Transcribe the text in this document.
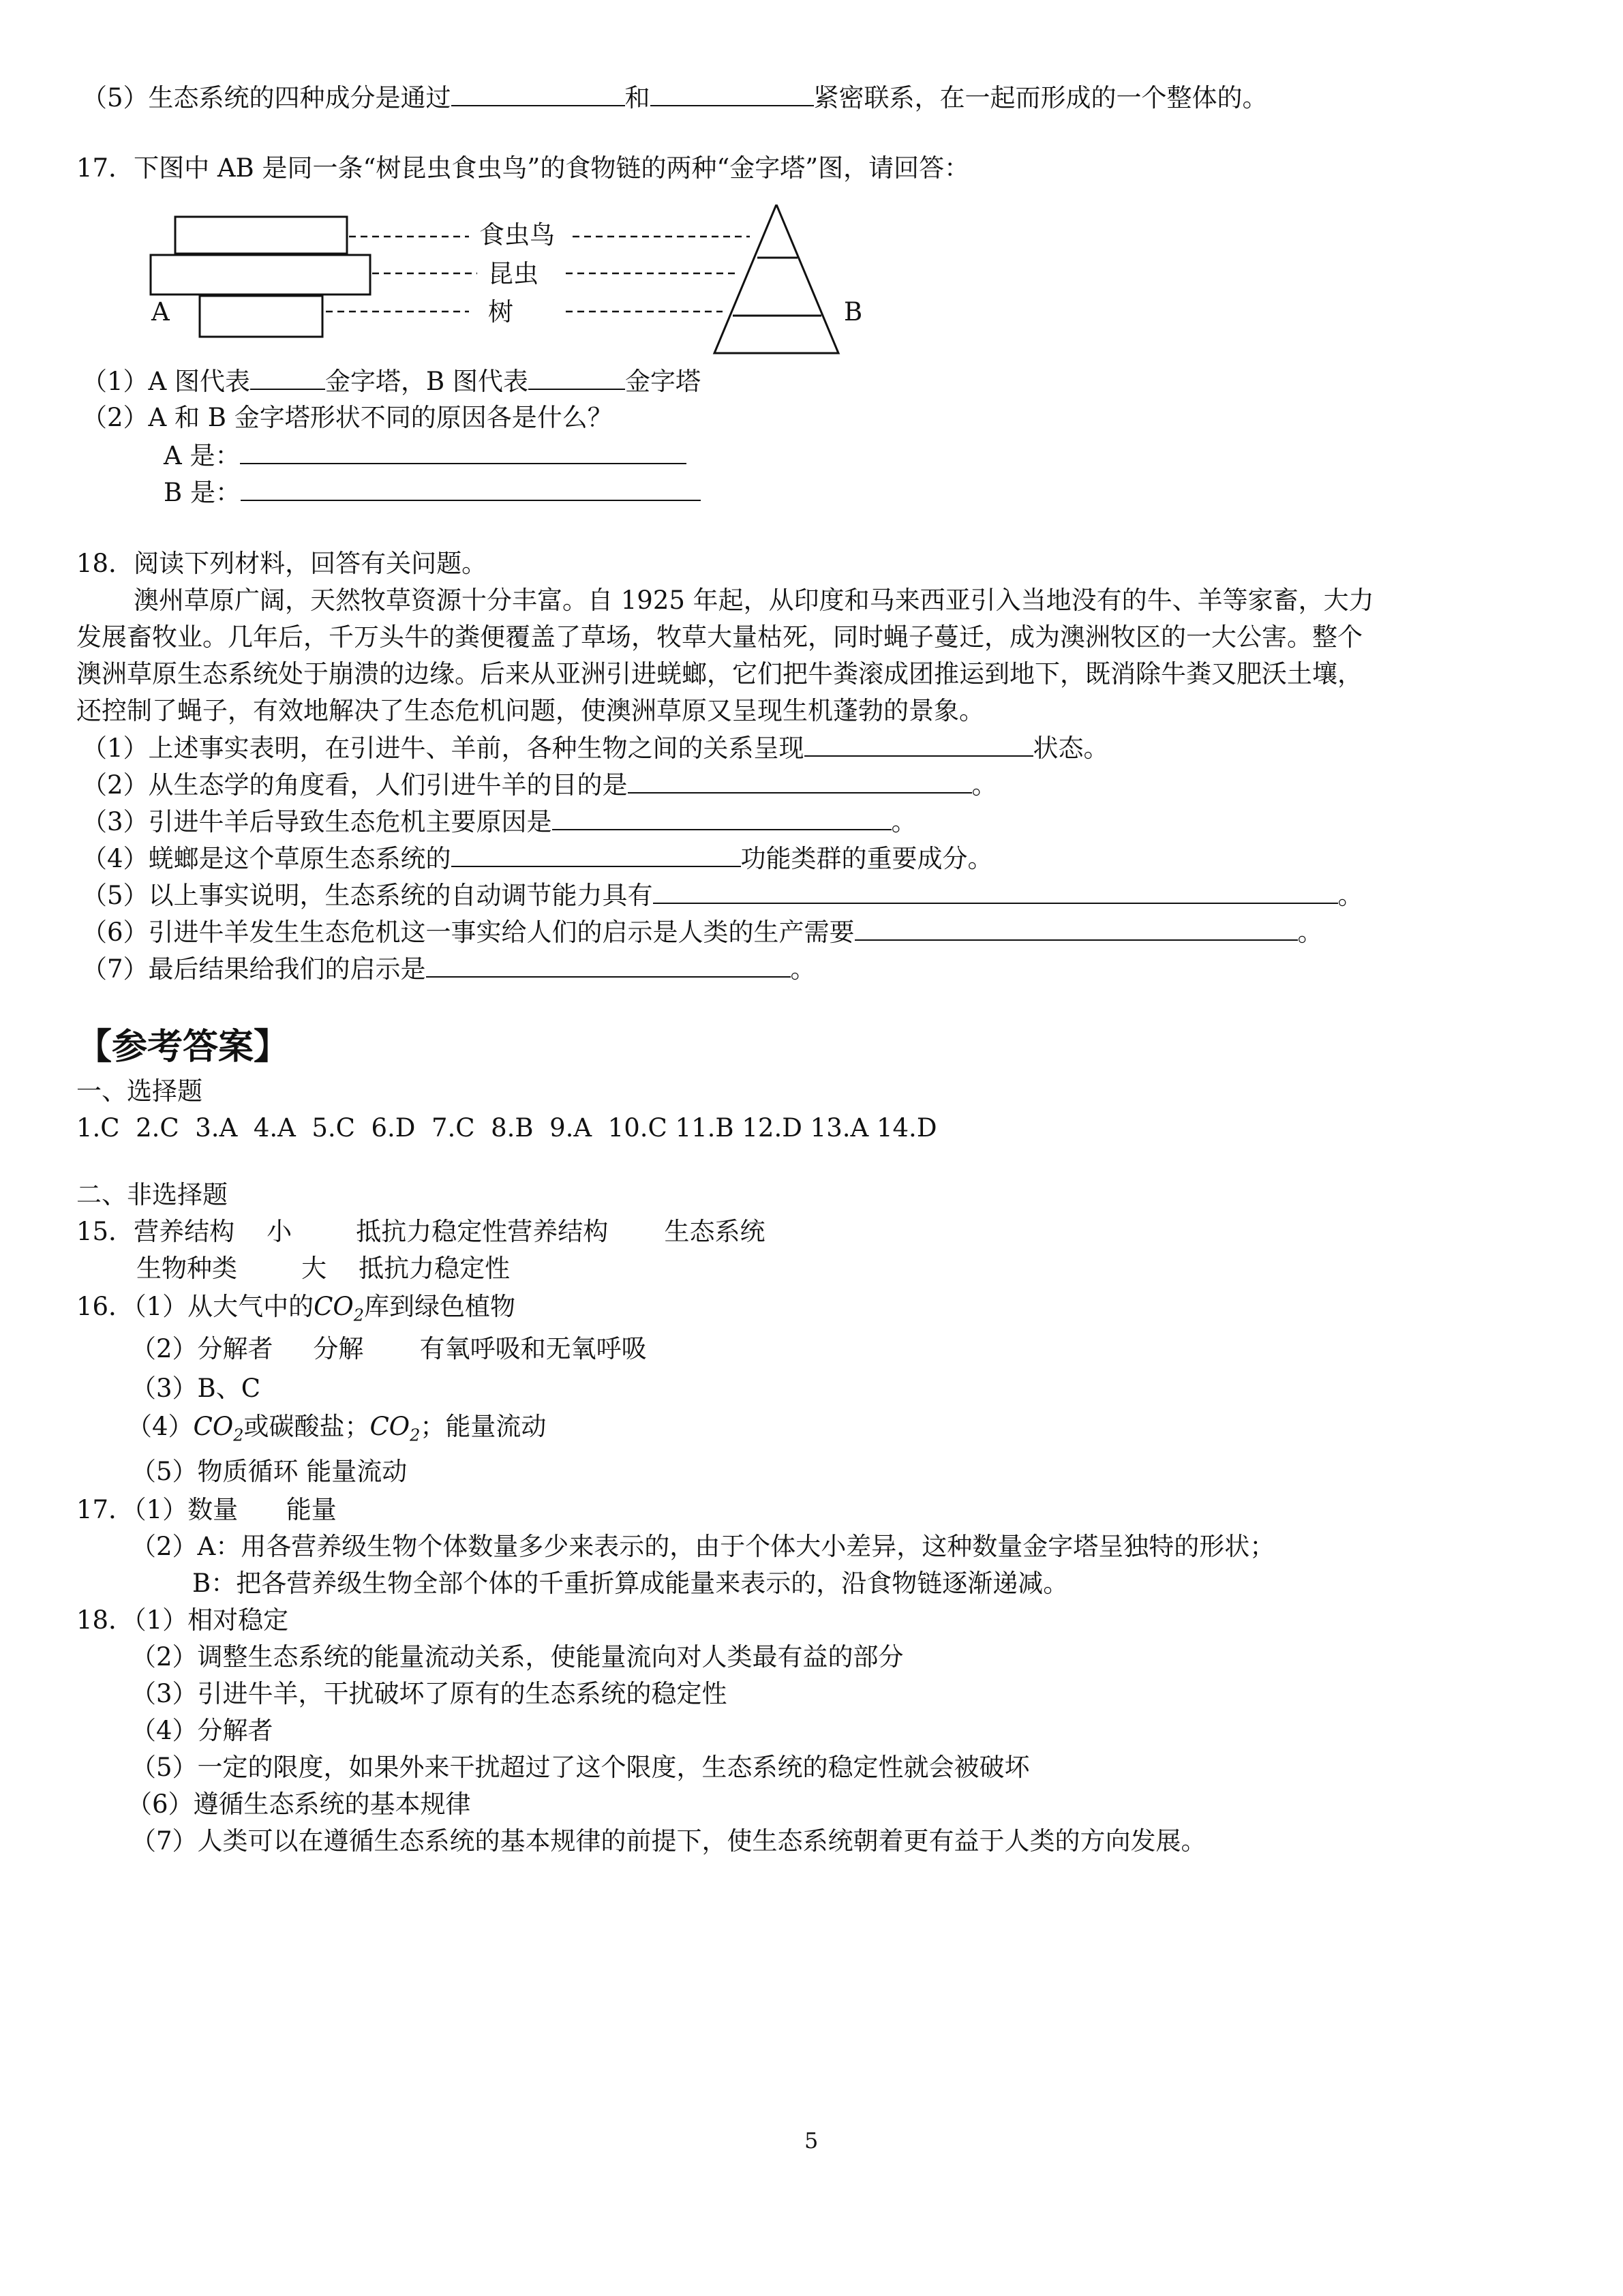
（5）生态系统的四种成分是通过	和	紧密联系，在一起而形成的一个整体的。
17．下图中 AB 是同一条“树昆虫食虫鸟”的食物链的两种“金字塔”图，请回答：
食虫鸟
昆虫
树
A	B
（1）A 图代表	金字塔，B 图代表	金字塔
（2）A 和 B 金字塔形状不同的原因各是什么？
A 是：
B 是：
18．阅读下列材料，回答有关问题。
澳州草原广阔，天然牧草资源十分丰富。自 1925 年起，从印度和马来西亚引入当地没有的牛、羊等家畜，大力
发展畜牧业。几年后，千万头牛的粪便覆盖了草场，牧草大量枯死，同时蝇子蔓迁，成为澳洲牧区的一大公害。整个
澳洲草原生态系统处于崩溃的边缘。后来从亚洲引进蜣螂，它们把牛粪滚成团推运到地下，既消除牛粪又肥沃土壤，
还控制了蝇子，有效地解决了生态危机问题，使澳洲草原又呈现生机蓬勃的景象。
（1）上述事实表明，在引进牛、羊前，各种生物之间的关系呈现	状态。
（2）从生态学的角度看，人们引进牛羊的目的是	。
（3）引进牛羊后导致生态危机主要原因是	。
（4）蜣螂是这个草原生态系统的	功能类群的重要成分。
（5）以上事实说明，生态系统的自动调节能力具有	。
（6）引进牛羊发生生态危机这一事实给人们的启示是人类的生产需要	。
（7）最后结果给我们的启示是	。
【参考答案】
一、选择题
1.C  2.C  3.A  4.A  5.C  6.D  7.C  8.B  9.A  10.C 11.B 12.D 13.A 14.D
二、非选择题
15．营养结构    小        抵抗力稳定性营养结构       生态系统
生物种类        大    抵抗力稳定性
16．（1）从大气中的$CO_2$库到绿色植物
（2）分解者     分解       有氧呼吸和无氧呼吸
（3）B、C
$(4)CO_2$或碳酸盐；$CO_2$；能量流动
（5）物质循环 能量流动
17．（1）数量      能量
（2）A：用各营养级生物个体数量多少来表示的，由于个体大小差异，这种数量金字塔呈独特的形状；
B：把各营养级生物全部个体的千重折算成能量来表示的，沿食物链逐渐递减。
18．（1）相对稳定
（2）调整生态系统的能量流动关系，使能量流向对人类最有益的部分
（3）引进牛羊，干扰破坏了原有的生态系统的稳定性
（4）分解者
（5）一定的限度，如果外来干扰超过了这个限度，生态系统的稳定性就会被破坏
（6）遵循生态系统的基本规律
（7）人类可以在遵循生态系统的基本规律的前提下，使生态系统朝着更有益于人类的方向发展。
5
